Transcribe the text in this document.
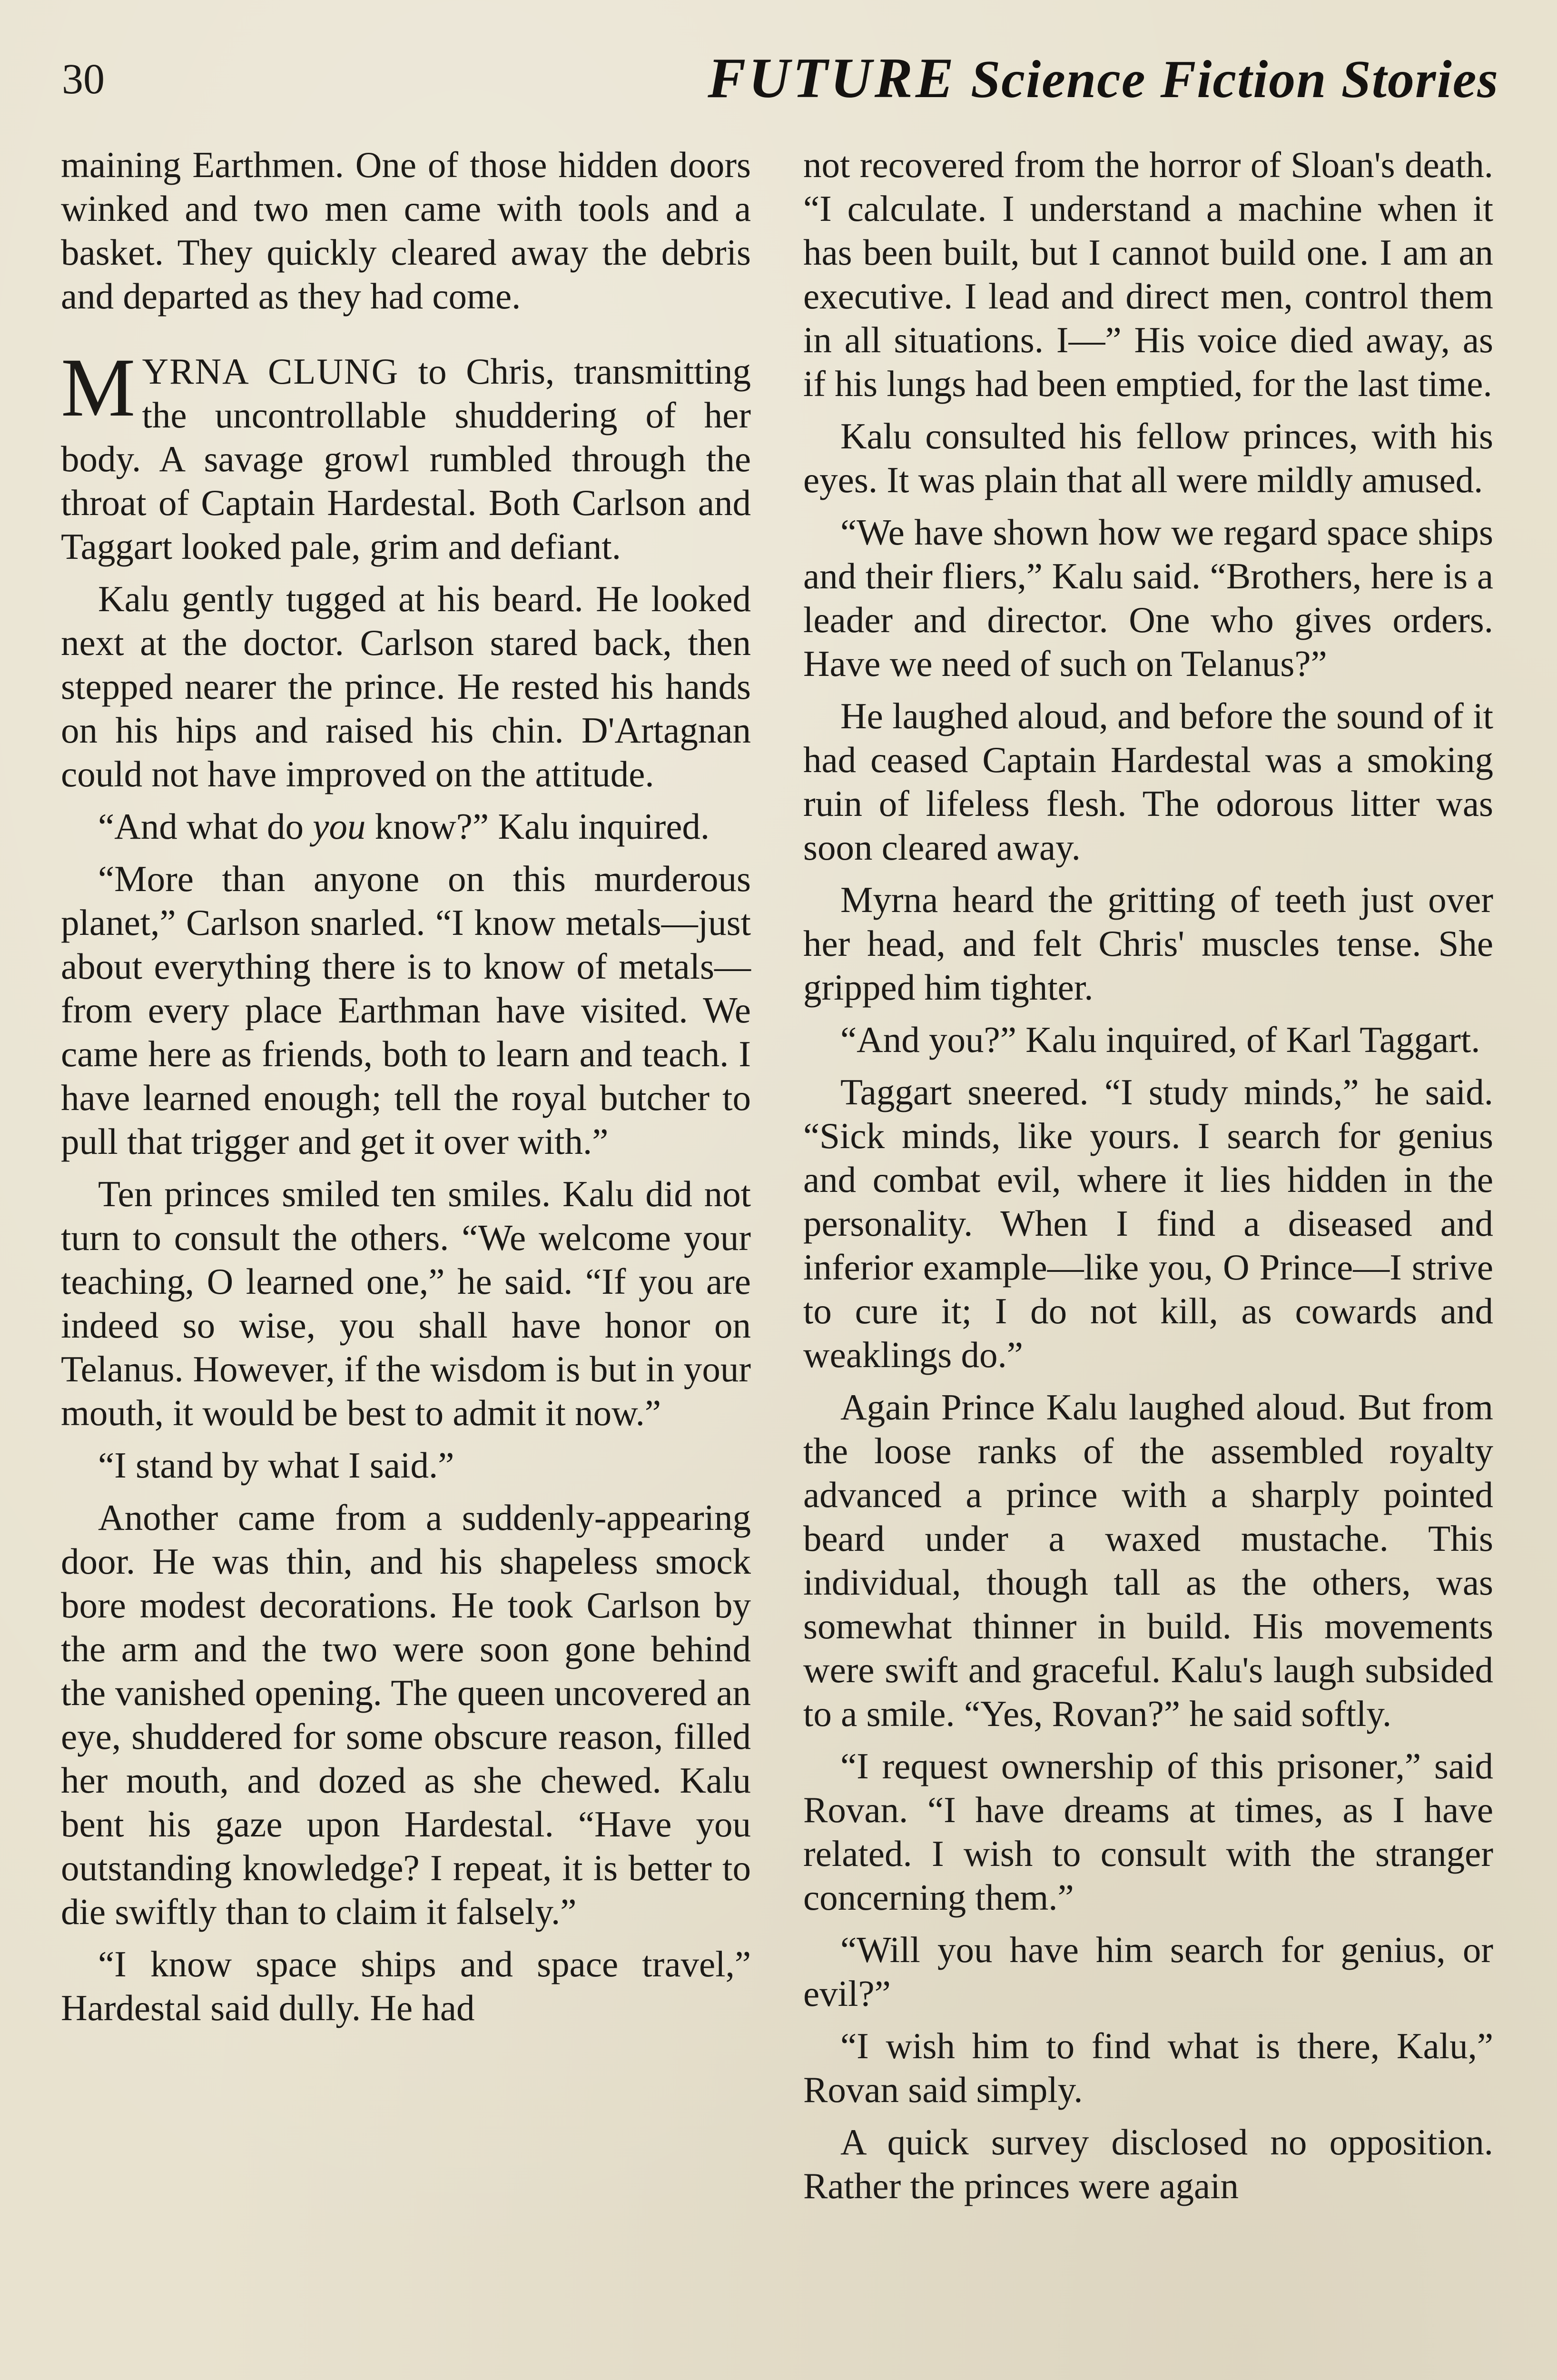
30	FUTURE Science Fiction Stories

maining Earthmen. One of those hidden doors winked and two men came with tools and a basket. They quickly cleared away the debris and departed as they had come.

MYRNA CLUNG to Chris, transmitting the uncontrollable shuddering of her body. A savage growl rumbled through the throat of Captain Hardestal. Both Carlson and Taggart looked pale, grim and defiant.

Kalu gently tugged at his beard. He looked next at the doctor. Carlson stared back, then stepped nearer the prince. He rested his hands on his hips and raised his chin. D'Artagnan could not have improved on the attitude.

“And what do you know?” Kalu inquired.

“More than anyone on this murderous planet,” Carlson snarled. “I know metals—just about everything there is to know of metals—from every place Earthman have visited. We came here as friends, both to learn and teach. I have learned enough; tell the royal butcher to pull that trigger and get it over with.”

Ten princes smiled ten smiles. Kalu did not turn to consult the others. “We welcome your teaching, O learned one,” he said. “If you are indeed so wise, you shall have honor on Telanus. However, if the wisdom is but in your mouth, it would be best to admit it now.”

“I stand by what I said.”

Another came from a suddenly-appearing door. He was thin, and his shapeless smock bore modest decorations. He took Carlson by the arm and the two were soon gone behind the vanished opening. The queen uncovered an eye, shuddered for some obscure reason, filled her mouth, and dozed as she chewed. Kalu bent his gaze upon Hardestal. “Have you outstanding knowledge? I repeat, it is better to die swiftly than to claim it falsely.”

“I know space ships and space travel,” Hardestal said dully. He had

not recovered from the horror of Sloan's death. “I calculate. I understand a machine when it has been built, but I cannot build one. I am an executive. I lead and direct men, control them in all situations. I—” His voice died away, as if his lungs had been emptied, for the last time.

Kalu consulted his fellow princes, with his eyes. It was plain that all were mildly amused.

“We have shown how we regard space ships and their fliers,” Kalu said. “Brothers, here is a leader and director. One who gives orders. Have we need of such on Telanus?”

He laughed aloud, and before the sound of it had ceased Captain Hardestal was a smoking ruin of lifeless flesh. The odorous litter was soon cleared away.

Myrna heard the gritting of teeth just over her head, and felt Chris' muscles tense. She gripped him tighter.

“And you?” Kalu inquired, of Karl Taggart.

Taggart sneered. “I study minds,” he said. “Sick minds, like yours. I search for genius and combat evil, where it lies hidden in the personality. When I find a diseased and inferior example—like you, O Prince—I strive to cure it; I do not kill, as cowards and weaklings do.”

Again Prince Kalu laughed aloud. But from the loose ranks of the assembled royalty advanced a prince with a sharply pointed beard under a waxed mustache. This individual, though tall as the others, was somewhat thinner in build. His movements were swift and graceful. Kalu's laugh subsided to a smile. “Yes, Rovan?” he said softly.

“I request ownership of this prisoner,” said Rovan. “I have dreams at times, as I have related. I wish to consult with the stranger concerning them.”

“Will you have him search for genius, or evil?”

“I wish him to find what is there, Kalu,” Rovan said simply.

A quick survey disclosed no opposition. Rather the princes were again
